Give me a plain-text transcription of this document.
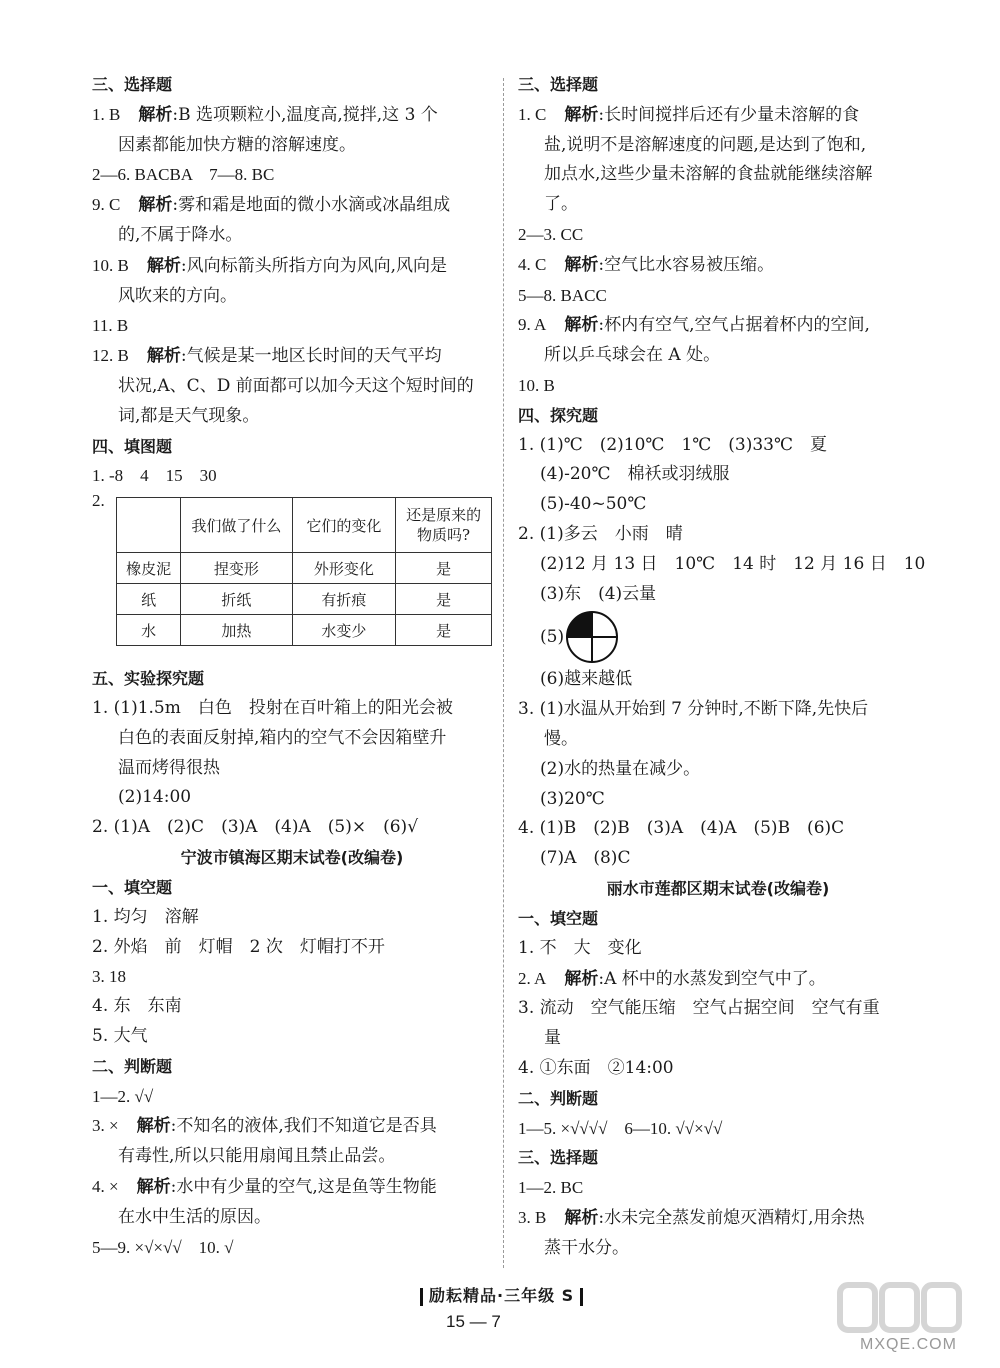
三、选择题
1. B 解析:B 选项颗粒小,温度高,搅拌,这 3 个
因素都能加快方糖的溶解速度。
2—6. BACBA　7—8. BC
9. C 解析:雾和霜是地面的微小水滴或冰晶组成
的,不属于降水。
10. B 解析:风向标箭头所指方向为风向,风向是
风吹来的方向。
11. B
12. B 解析:气候是某一地区长时间的天气平均
状况,A、C、D 前面都可以加今天这个短时间的
词,都是天气现象。
四、填图题
1. -8　4　15　30
2.
	我们做了什么	它们的变化	还是原来的物质吗?
橡皮泥	捏变形	外形变化	是
纸	折纸	有折痕	是
水	加热	水变少	是
五、实验探究题
1. (1)1.5m　白色　投射在百叶箱上的阳光会被
白色的表面反射掉,箱内的空气不会因箱壁升
温而烤得很热
(2)14:00
2. (1)A　(2)C　(3)A　(4)A　(5)×　(6)√
宁波市镇海区期末试卷(改编卷)
一、填空题
1. 均匀　溶解
2. 外焰　前　灯帽　2 次　灯帽打不开
3. 18
4. 东　东南
5. 大气
二、判断题
1—2. √√
3. × 解析:不知名的液体,我们不知道它是否具
有毒性,所以只能用扇闻且禁止品尝。
4. × 解析:水中有少量的空气,这是鱼等生物能
在水中生活的原因。
5—9. ×√×√√　10. √
三、选择题
1. C 解析:长时间搅拌后还有少量未溶解的食
盐,说明不是溶解速度的问题,是达到了饱和,
加点水,这些少量未溶解的食盐就能继续溶解
了。
2—3. CC
4. C 解析:空气比水容易被压缩。
5—8. BACC
9. A 解析:杯内有空气,空气占据着杯内的空间,
所以乒乓球会在 A 处。
10. B
四、探究题
1. (1)℃　(2)10℃　1℃　(3)33℃　夏
(4)-20℃　棉袄或羽绒服
(5)-40~50℃
2. (1)多云　小雨　晴
(2)12 月 13 日　10℃　14 时　12 月 16 日　10
(3)东　(4)云量
(5)
(6)越来越低
3. (1)水温从开始到 7 分钟时,不断下降,先快后
慢。
(2)水的热量在减少。
(3)20℃
4. (1)B　(2)B　(3)A　(4)A　(5)B　(6)C
(7)A　(8)C
丽水市莲都区期末试卷(改编卷)
一、填空题
1. 不　大　变化
2. A 解析:A 杯中的水蒸发到空气中了。
3. 流动　空气能压缩　空气占据空间　空气有重
量
4. ①东面　②14:00
二、判断题
1—5. ×√√√√　6—10. √√×√√
三、选择题
1—2. BC
3. B 解析:水未完全蒸发前熄灭酒精灯,用余热
蒸干水分。
励耘精品·三年级 S
15 — 7
MXQE.COM
